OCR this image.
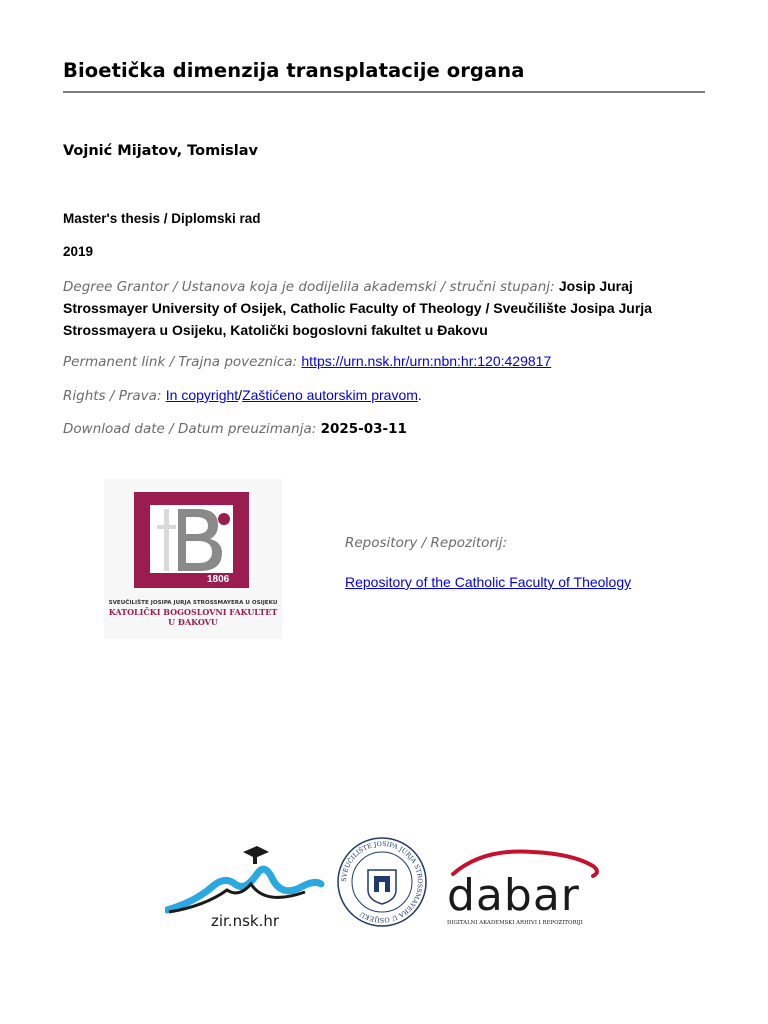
Bioetička dimenzija transplatacije organa
Vojnić Mijatov, Tomislav
Master's thesis / Diplomski rad
2019
Degree Grantor / Ustanova koja je dodijelila akademski / stručni stupanj: Josip Juraj Strossmayer University of Osijek, Catholic Faculty of Theology / Sveučilište Josipa Jurja Strossmayera u Osijeku, Katolički bogoslovni fakultet u Đakovu
Permanent link / Trajna poveznica: https://urn.nsk.hr/urn:nbn:hr:120:429817
Rights / Prava: In copyright/Zaštićeno autorskim pravom.
Download date / Datum preuzimanja: 2025-03-11
1806
SVEUČILIŠTE JOSIPA JURJA STROSSMAYERA U OSIJEKU
KATOLIČKI BOGOSLOVNI FAKULTET
U ĐAKOVU
Repository / Repozitorij:
Repository of the Catholic Faculty of Theology
zir.nsk.hr
SVEUČILIŠTE JOSIPA JURJA STROSSMAYERA U OSIJEKU	dabar
DIGITALNI AKADEMSKI ARHIVI I REPOZITORIJI
